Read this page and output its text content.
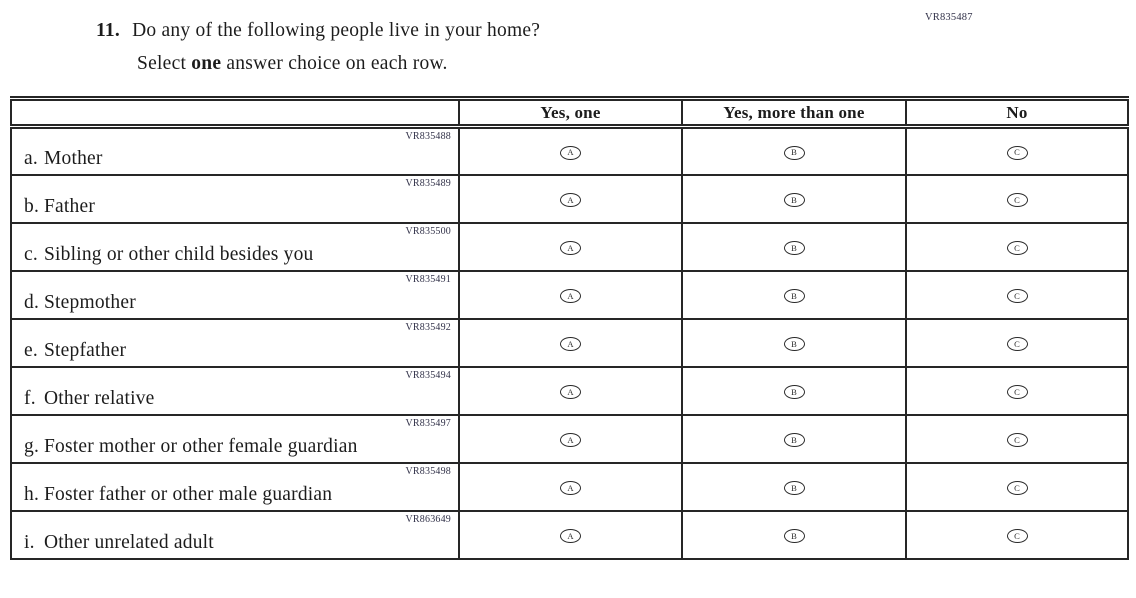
VR835487
11. Do any of the following people live in your home?
Select one answer choice on each row.
	Yes, one	Yes, more than one	No

VR835488
a. Mother	A	B	C

VR835489
b. Father	A	B	C

VR835500
c. Sibling or other child besides you	A	B	C

VR835491
d. Stepmother	A	B	C

VR835492
e. Stepfather	A	B	C

VR835494
f. Other relative	A	B	C

VR835497
g. Foster mother or other female guardian	A	B	C

VR835498
h. Foster father or other male guardian	A	B	C

VR863649
i. Other unrelated adult	A	B	C
